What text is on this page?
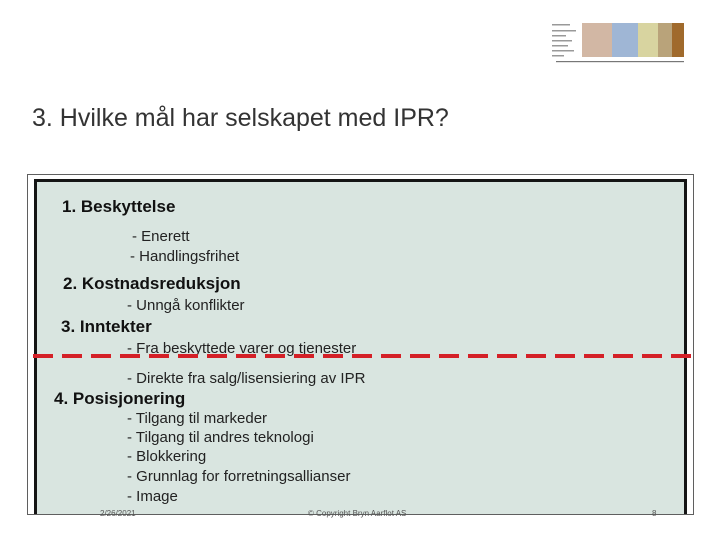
3. Hvilke mål har selskapet med IPR?
1. Beskyttelse
- Enerett
- Handlingsfrihet
2. Kostnadsreduksjon
- Unngå konflikter
3. Inntekter
- Fra beskyttede varer og tjenester
- Direkte fra salg/lisensiering av IPR
4. Posisjonering
- Tilgang til markeder
- Tilgang til andres teknologi
- Blokkering
- Grunnlag for forretningsallianser
- Image
2/26/2021	© Copyright Bryn Aarflot AS	8
